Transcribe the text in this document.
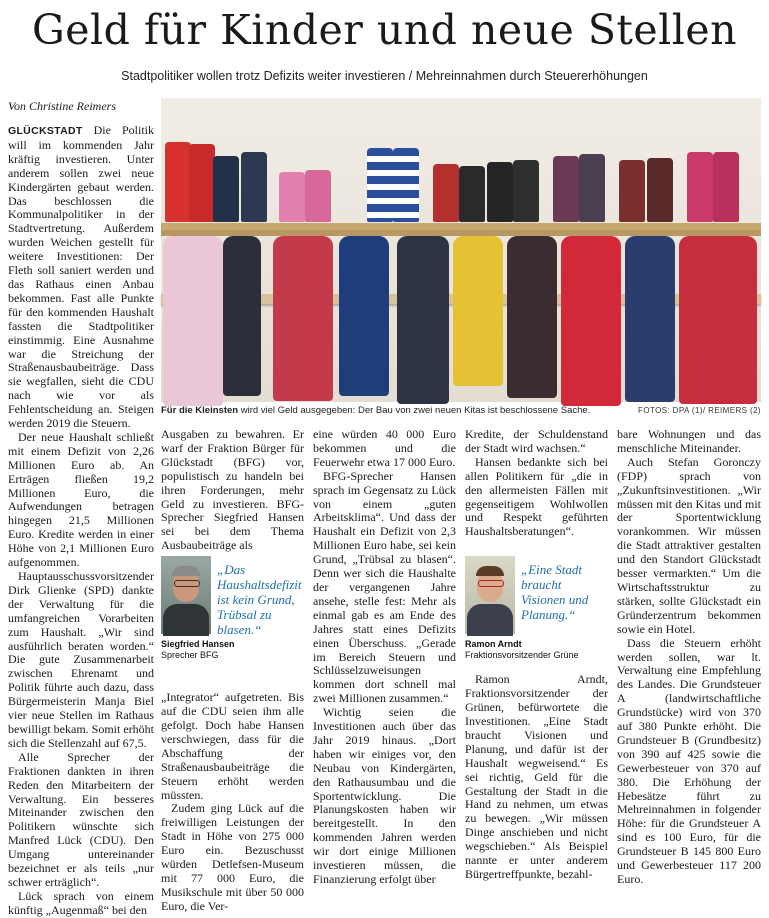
Geld für Kinder und neue Stellen
Stadtpolitiker wollen trotz Defizits weiter investieren / Mehreinnahmen durch Steuererhöhungen
Von Christine Reimers

GLÜCKSTADT Die Politik will im kommenden Jahr kräftig investieren. Unter anderem sollen zwei neue Kindergärten gebaut werden. Das beschlossen die Kommunalpolitiker in der Stadtvertretung. Außerdem wurden Weichen gestellt für weitere Investitionen: Der Fleth soll saniert werden und das Rathaus einen Anbau bekommen. Fast alle Punkte für den kommenden Haushalt fassten die Stadtpolitiker einstimmig. Eine Ausnahme war die Streichung der Straßenausbaubeiträge. Dass sie wegfallen, sieht die CDU nach wie vor als Fehlentscheidung an. Steigen werden 2019 die Steuern.

Der neue Haushalt schließt mit einem Defizit von 2,26 Millionen Euro ab. An Erträgen fließen 19,2 Millionen Euro, die Aufwendungen betragen hingegen 21,5 Millionen Euro. Kredite werden in einer Höhe von 2,1 Millionen Euro aufgenommen.

Hauptausschussvorsitzender Dirk Glienke (SPD) dankte der Verwaltung für die umfangreichen Vorarbeiten zum Haushalt. „Wir sind ausführlich beraten worden.“ Die gute Zusammenarbeit zwischen Ehrenamt und Politik führte auch dazu, dass Bürgermeisterin Manja Biel vier neue Stellen im Rathaus bewilligt bekam. Somit erhöht sich die Stellenzahl auf 67,5.

Alle Sprecher der Fraktionen dankten in ihren Reden den Mitarbeitern der Verwaltung. Ein besseres Miteinander zwischen den Politikern wünschte sich Manfred Lück (CDU). Den Umgang untereinander bezeichnet er als teils „nur schwer erträglich“.

Lück sprach von einem künftig „Augenmaß“ bei den

Für die Kleinsten wird viel Geld ausgegeben: Der Bau von zwei neuen Kitas ist beschlossene Sache.	FOTOS: DPA (1)/ REIMERS (2)

Ausgaben zu bewahren. Er warf der Fraktion Bürger für Glückstadt (BFG) vor, populistisch zu handeln bei ihren Forderungen, mehr Geld zu investieren. BFG-Sprecher Siegfried Hansen sei bei dem Thema Ausbaubeiträge als

„Integrator“ aufgetreten. Bis auf die CDU seien ihm alle gefolgt. Doch habe Hansen verschwiegen, dass für die Abschaffung der Straßenausbaubeiträge die Steuern erhöht werden müssten.

Zudem ging Lück auf die freiwilligen Leistungen der Stadt in Höhe von 275 000 Euro ein. Bezuschusst würden Detlefsen-Museum mit 77 000 Euro, die Musikschule mit über 50 000 Euro, die Ver-

„Das Haushaltsdefizit ist kein Grund, Trübsal zu blasen.“
Siegfried Hansen
Sprecher BFG

eine würden 40 000 Euro bekommen und die Feuerwehr etwa 17 000 Euro.

BFG-Sprecher Hansen sprach im Gegensatz zu Lück von einem „guten Arbeitsklima“. Und dass der Haushalt ein Defizit von 2,3 Millionen Euro habe, sei kein Grund, „Trübsal zu blasen“. Denn wer sich die Haushalte der vergangenen Jahre ansehe, stelle fest: Mehr als einmal gab es am Ende des Jahres statt eines Defizits einen Überschuss. „Gerade im Bereich Steuern und Schlüsselzuweisungen kommen dort schnell mal zwei Millionen zusammen.“

Wichtig seien die Investitionen auch über das Jahr 2019 hinaus. „Dort haben wir einiges vor, den Neubau von Kindergärten, den Rathausumbau und die Sportentwicklung. Die Planungskosten haben wir bereitgestellt. In den kommenden Jahren werden wir dort einige Millionen investieren müssen, die Finanzierung erfolgt über

Kredite, der Schuldenstand der Stadt wird wachsen.“

Hansen bedankte sich bei allen Politikern für „die in den allermeisten Fällen mit gegenseitigem Wohlwollen und Respekt geführten Haushaltsberatungen“.

Ramon Arndt, Fraktionsvorsitzender der Grünen, befürwortete die Investitionen. „Eine Stadt braucht Visionen und Planung, und dafür ist der Haushalt wegweisend.“ Es sei richtig, Geld für die Gestaltung der Stadt in die Hand zu nehmen, um etwas zu bewegen. „Wir müssen Dinge anschieben und nicht wegschieben.“ Als Beispiel nannte er unter anderem Bürgertreffpunkte, bezahl-

„Eine Stadt braucht Visionen und Planung.“
Ramon Arndt
Fraktionsvorsitzender Grüne

bare Wohnungen und das menschliche Miteinander.

Auch Stefan Goronczy (FDP) sprach von „Zukunftsinvestitionen. „Wir müssen mit den Kitas und mit der Sportentwicklung vorankommen. Wir müssen die Stadt attraktiver gestalten und den Standort Glückstadt besser vermarkten.“ Um die Wirtschaftsstruktur zu stärken, sollte Glückstadt ein Gründerzentrum bekommen sowie ein Hotel.

Dass die Steuern erhöht werden sollen, war lt. Verwaltung eine Empfehlung des Landes. Die Grundsteuer A (landwirtschaftliche Grundstücke) wird von 370 auf 380 Punkte erhöht. Die Grundsteuer B (Grundbesitz) von 390 auf 425 sowie die Gewerbesteuer von 370 auf 380. Die Erhöhung der Hebesätze führt zu Mehreinnahmen in folgender Höhe: für die Grundsteuer A sind es 100 Euro, für die Grundsteuer B 145 800 Euro und Gewerbesteuer 117 200 Euro.
